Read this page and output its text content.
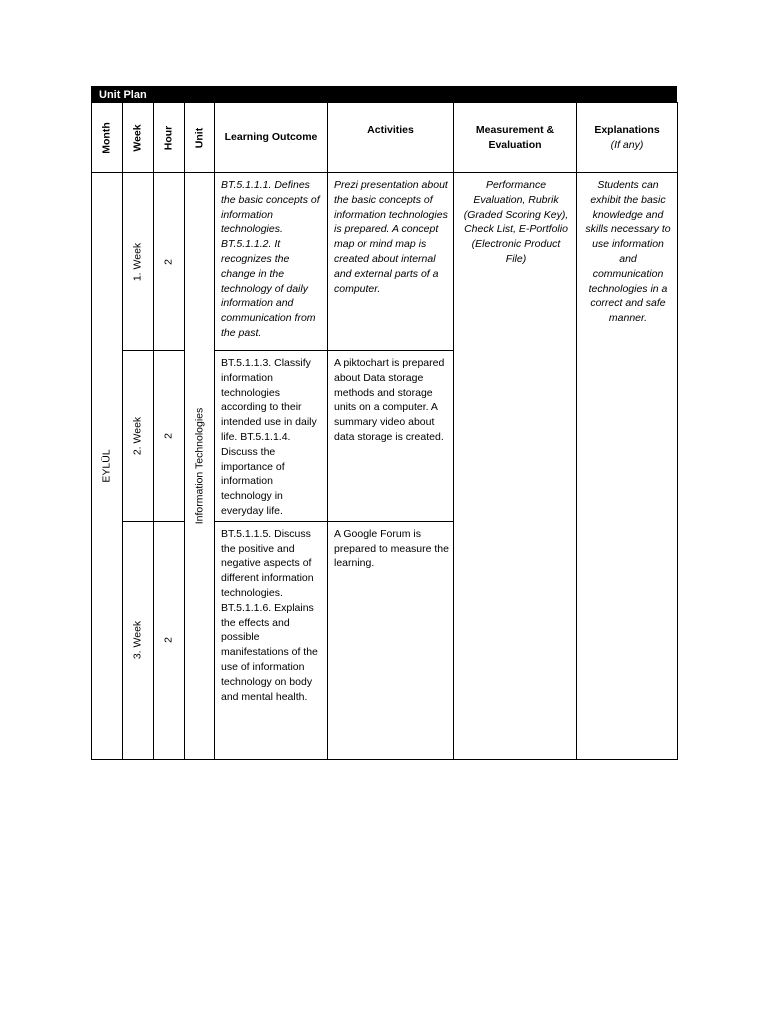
Unit Plan
Month	Week	Hour	Unit	Learning Outcome	Activities	Measurement & Evaluation	Explanations
(If any)

EYLÜL	1. Week	2	Information Technologies	BT.5.1.1.1. Defines the basic concepts of information technologies. BT.5.1.1.2. It recognizes the change in the technology of daily information and communication from the past.	Prezi presentation about the basic concepts of information technologies is prepared. A concept map or mind map is created about internal and external parts of a computer.	Performance Evaluation, Rubrik (Graded Scoring Key), Check List, E-Portfolio (Electronic Product File)	Students can exhibit the basic knowledge and skills necessary to use information and communication technologies in a correct and safe manner.

	2. Week	2		BT.5.1.1.3. Classify information technologies according to their intended use in daily life. BT.5.1.1.4. Discuss the importance of information technology in everyday life.	A piktochart is prepared about Data storage methods and storage units on a computer. A summary video about data storage is created.		

	3. Week	2		BT.5.1.1.5. Discuss the positive and negative aspects of different information technologies. BT.5.1.1.6. Explains the effects and possible manifestations of the use of information technology on body and mental health.	A Google Forum is prepared to measure the learning.		
